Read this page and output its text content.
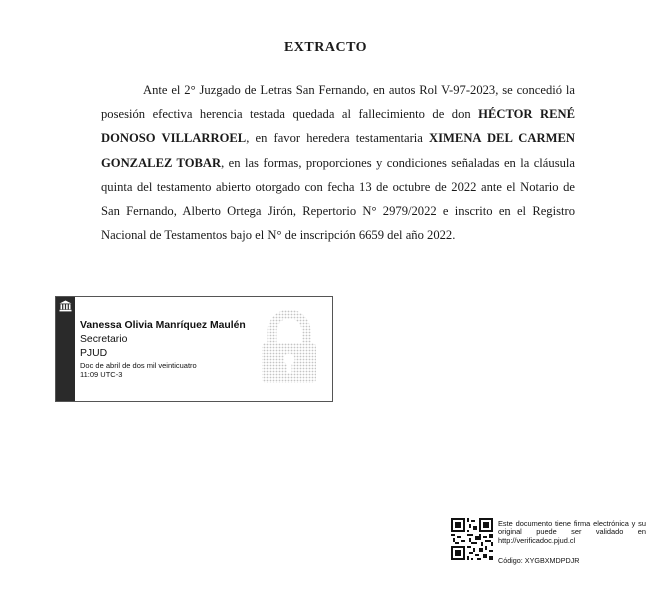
EXTRACTO

Ante el 2° Juzgado de Letras San Fernando, en autos Rol V-97-2023, se concedió la posesión efectiva herencia testada quedada al fallecimiento de don HÉCTOR RENÉ DONOSO VILLARROEL, en favor heredera testamentaria XIMENA DEL CARMEN GONZALEZ TOBAR, en las formas, proporciones y condiciones señaladas en la cláusula quinta del testamento abierto otorgado con fecha 13 de octubre de 2022 ante el Notario de San Fernando, Alberto Ortega Jirón, Repertorio N° 2979/2022 e inscrito en el Registro Nacional de Testamentos bajo el N° de inscripción 6659 del año 2022.

Vanessa Olivia Manríquez Maulén
Secretario
PJUD
Doc de abril de dos mil veinticuatro
11:09 UTC-3
Este documento tiene firma electrónica y su original puede ser validado en http://verificadoc.pjud.cl
Código: XYGBXMDPDJR
